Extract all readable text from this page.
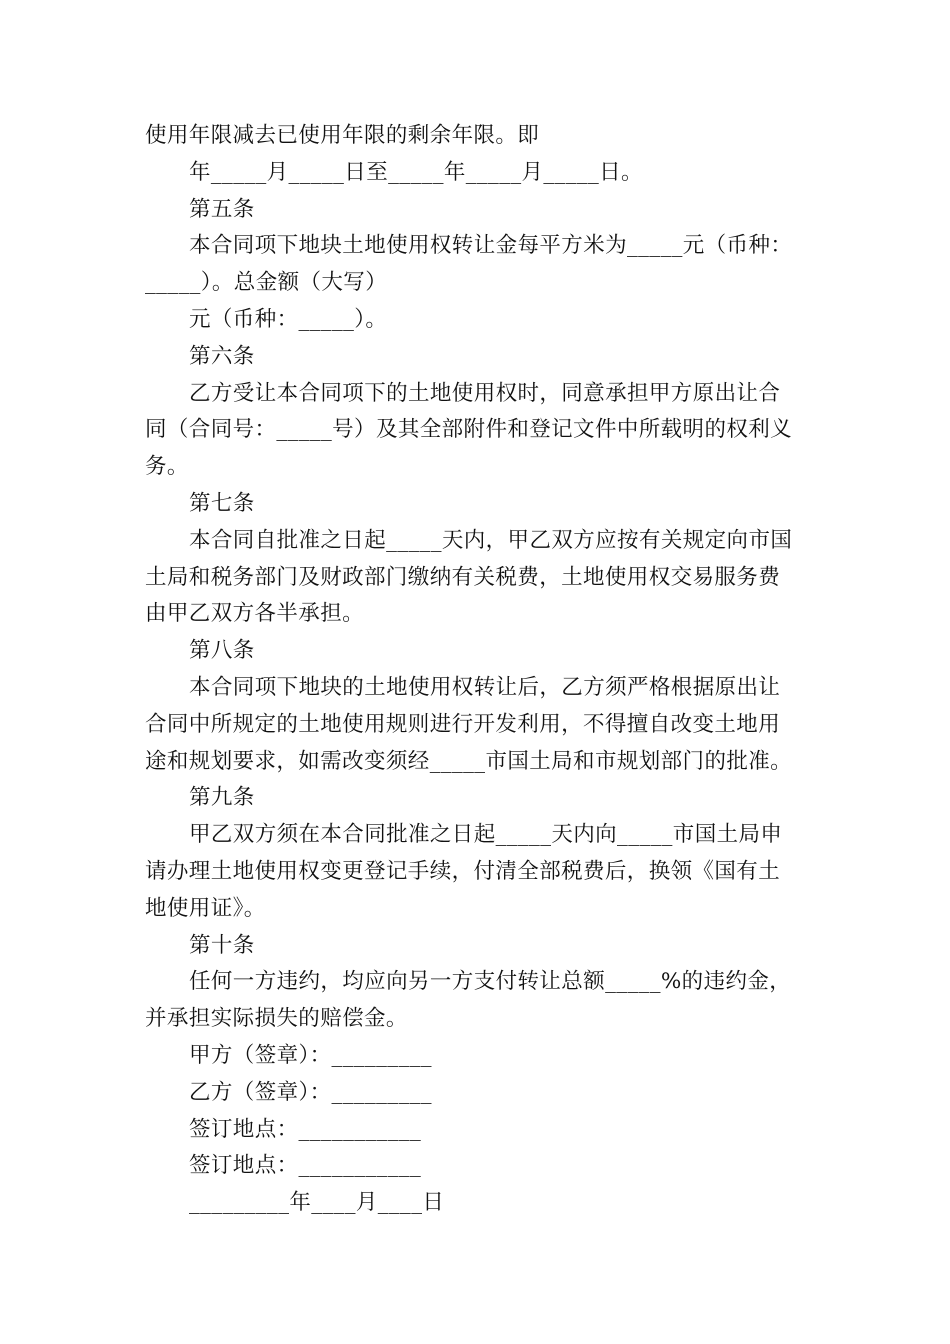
使用年限减去已使用年限的剩余年限。即
年_____月_____日至_____年_____月_____日。
第五条
本合同项下地块土地使用权转让金每平方米为_____元（币种：
_____）。总金额（大写）
元（币种：_____）。
第六条
乙方受让本合同项下的土地使用权时，同意承担甲方原出让合
同（合同号：_____号）及其全部附件和登记文件中所载明的权利义
务。
第七条
本合同自批准之日起_____天内，甲乙双方应按有关规定向市国
土局和税务部门及财政部门缴纳有关税费，土地使用权交易服务费
由甲乙双方各半承担。
第八条
本合同项下地块的土地使用权转让后，乙方须严格根据原出让
合同中所规定的土地使用规则进行开发利用，不得擅自改变土地用
途和规划要求，如需改变须经_____市国土局和市规划部门的批准。
第九条
甲乙双方须在本合同批准之日起_____天内向_____市国土局申
请办理土地使用权变更登记手续，付清全部税费后，换领《国有土
地使用证》。
第十条
任何一方违约，均应向另一方支付转让总额_____%的违约金，
并承担实际损失的赔偿金。
甲方（签章）：_________
乙方（签章）：_________
签订地点：___________
签订地点：___________
_________年____月____日
